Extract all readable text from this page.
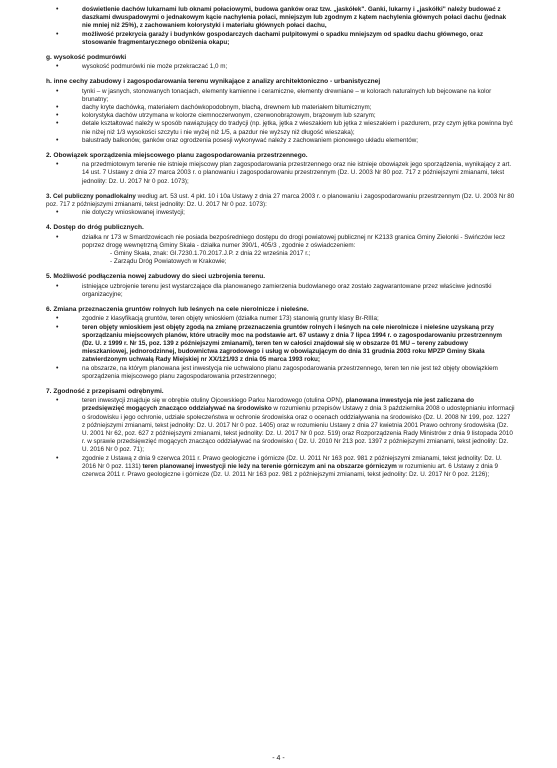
•	doświetlenie dachów lukarnami lub oknami połaciowymi, budowa ganków oraz tzw. „jaskółek". Ganki, lukarny i „jaskółki" należy budować z daszkami dwuspadowymi o jednakowym kącie nachylenia połaci, mniejszym lub zgodnym z kątem nachylenia głównych połaci dachu (jednak nie mniej niż 25%), z zachowaniem kolorystyki i materiału głównych połaci dachu,

•	możliwość przekrycia garaży i budynków gospodarczych dachami pulpitowymi o spadku mniejszym od spadku dachu głównego, oraz stosowanie fragmentarycznego obniżenia okapu;

g. wysokość podmurówki

•	wysokość podmurówki nie może przekraczać 1,0 m;

h. inne cechy zabudowy i zagospodarowania terenu wynikające z analizy architektoniczno - urbanistycznej

•	tynki – w jasnych, stonowanych tonacjach, elementy kamienne i ceramiczne, elementy drewniane – w kolorach naturalnych lub bejcowane na kolor brunatny;

•	dachy kryte dachówką, materiałem dachówkopodobnym, blachą, drewnem lub materiałem bitumicznym;

•	kolorystyka dachów utrzymana w kolorze ciemnoczerwonym, czerwonobrązowym, brązowym lub szarym;

•	detale kształtować należy w sposób nawiązujący do tradycji (np. jętka, jętka z wieszakiem lub jętka z wieszakiem i pazdurem, przy czym jętka powinna być nie niżej niż 1/3 wysokości szczytu i nie wyżej niż 1/5, a pazdur nie wyższy niż długość wieszaka);

•	balustrady balkonów, ganków oraz ogrodzenia posesji wykonywać należy z zachowaniem pionowego układu elementów;

2. Obowiązek sporządzenia miejscowego planu zagospodarowania przestrzennego.

•	na przedmiotowym terenie nie istnieje miejscowy plan zagospodarowania przestrzennego oraz nie istnieje obowiązek jego sporządzenia, wynikający z art. 14 ust. 7 Ustawy z dnia 27 marca 2003 r. o planowaniu i zagospodarowaniu przestrzennym (Dz. U. 2003 Nr 80 poz. 717 z późniejszymi zmianami, tekst jednolity: Dz. U. 2017 Nr 0 poz. 1073);

3. Cel publiczny ponadlokalny według art. 53 ust. 4 pkt. 10 i 10a Ustawy z dnia 27 marca 2003 r. o planowaniu i zagospodarowaniu przestrzennym (Dz. U. 2003 Nr 80 poz. 717 z późniejszymi zmianami, tekst jednolity: Dz. U. 2017 Nr 0 poz. 1073):

•	nie dotyczy wnioskowanej inwestycji;

4. Dostęp do dróg publicznych.

•	działka nr 173 w Smardzowicach nie posiada bezpośredniego dostępu do drogi powiatowej publicznej nr K2133 granica Gminy Zielonki - Swińczów lecz poprzez drogę wewnętrzną Gminy Skała - działka numer 390/1, 405/3 , zgodnie z oświadczeniem:

- Gminy Skała, znak: GI.7230.1.70.2017.J.P. z dnia 22 września 2017 r.;

- Zarządu Dróg Powiatowych w Krakowie;

5. Możliwość podłączenia nowej zabudowy do sieci uzbrojenia terenu.

•	istniejące uzbrojenie terenu jest wystarczające dla planowanego zamierzenia budowlanego oraz zostało zagwarantowane przez właściwe jednostki organizacyjne;

6. Zmiana przeznaczenia gruntów rolnych lub leśnych na cele nierolnicze i nieleśne.

•	zgodnie z klasyfikacją gruntów, teren objęty wnioskiem (działka numer 173) stanowią grunty klasy Br-RIIIa;

•	teren objęty wnioskiem jest objęty zgodą na zmianę przeznaczenia gruntów rolnych i leśnych na cele nierolnicze i nieleśne uzyskaną przy sporządzaniu miejscowych planów, które utraciły moc na podstawie art. 67 ustawy z dnia 7 lipca 1994 r. o zagospodarowaniu przestrzennym (Dz. U. z 1999 r. Nr 15, poz. 139 z późniejszymi zmianami), teren ten w całości znajdował się w obszarze 01 MU – tereny zabudowy mieszkaniowej, jednorodzinnej, budownictwa zagrodowego i usług w obowiązującym do dnia 31 grudnia 2003 roku MPZP Gminy Skała zatwierdzonym uchwałą Rady Miejskiej nr XX/121/93 z dnia 05 marca 1993 roku;

•	na obszarze, na którym planowana jest inwestycja nie uchwalono planu zagospodarowania przestrzennego, teren ten nie jest też objęty obowiązkiem sporządzenia miejscowego planu zagospodarowania przestrzennego;

7. Zgodność z przepisami odrębnymi.

•	teren inwestycji znajduje się w obrębie otuliny Ojcowskiego Parku Narodowego (otulina OPN), planowana inwestycja nie jest zaliczana do przedsięwzięć mogących znacząco oddziaływać na środowisko w rozumieniu przepisów Ustawy z dnia 3 października 2008 o udostępnianiu informacji o środowisku i jego ochronie, udziale społeczeństwa w ochronie środowiska oraz o ocenach oddziaływania na środowisko (Dz. U. 2008 Nr 199, poz. 1227 z późniejszymi zmianami, tekst jednolity: Dz. U. 2017 Nr 0 poz. 1405) oraz w rozumieniu Ustawy z dnia 27 kwietnia 2001 Prawo ochrony środowiska (Dz. U. 2001 Nr 62, poz. 627 z późniejszymi zmianami, tekst jednolity: Dz. U. 2017 Nr 0 poz. 519) oraz Rozporządzenia Rady Ministrów z dnia 9 listopada 2010 r. w sprawie przedsięwzięć mogących znacząco oddziaływać na środowisko ( Dz. U. 2010 Nr 213 poz. 1397 z późniejszymi zmianami, tekst jednolity: Dz. U. 2016 Nr 0 poz. 71);

•	zgodnie z Ustawą z dnia 9 czerwca 2011 r. Prawo geologiczne i górnicze (Dz. U. 2011 Nr 163 poz. 981 z późniejszymi zmianami, tekst jednolity: Dz. U. 2016 Nr 0 poz. 1131) teren planowanej inwestycji nie leży na terenie górniczym ani na obszarze górniczym w rozumieniu art. 6 Ustawy z dnia 9 czerwca 2011 r. Prawo geologiczne i górnicze (Dz. U. 2011 Nr 163 poz. 981 z późniejszymi zmianami, tekst jednolity: Dz. U. 2017 Nr 0 poz. 2126);

- 4 -
